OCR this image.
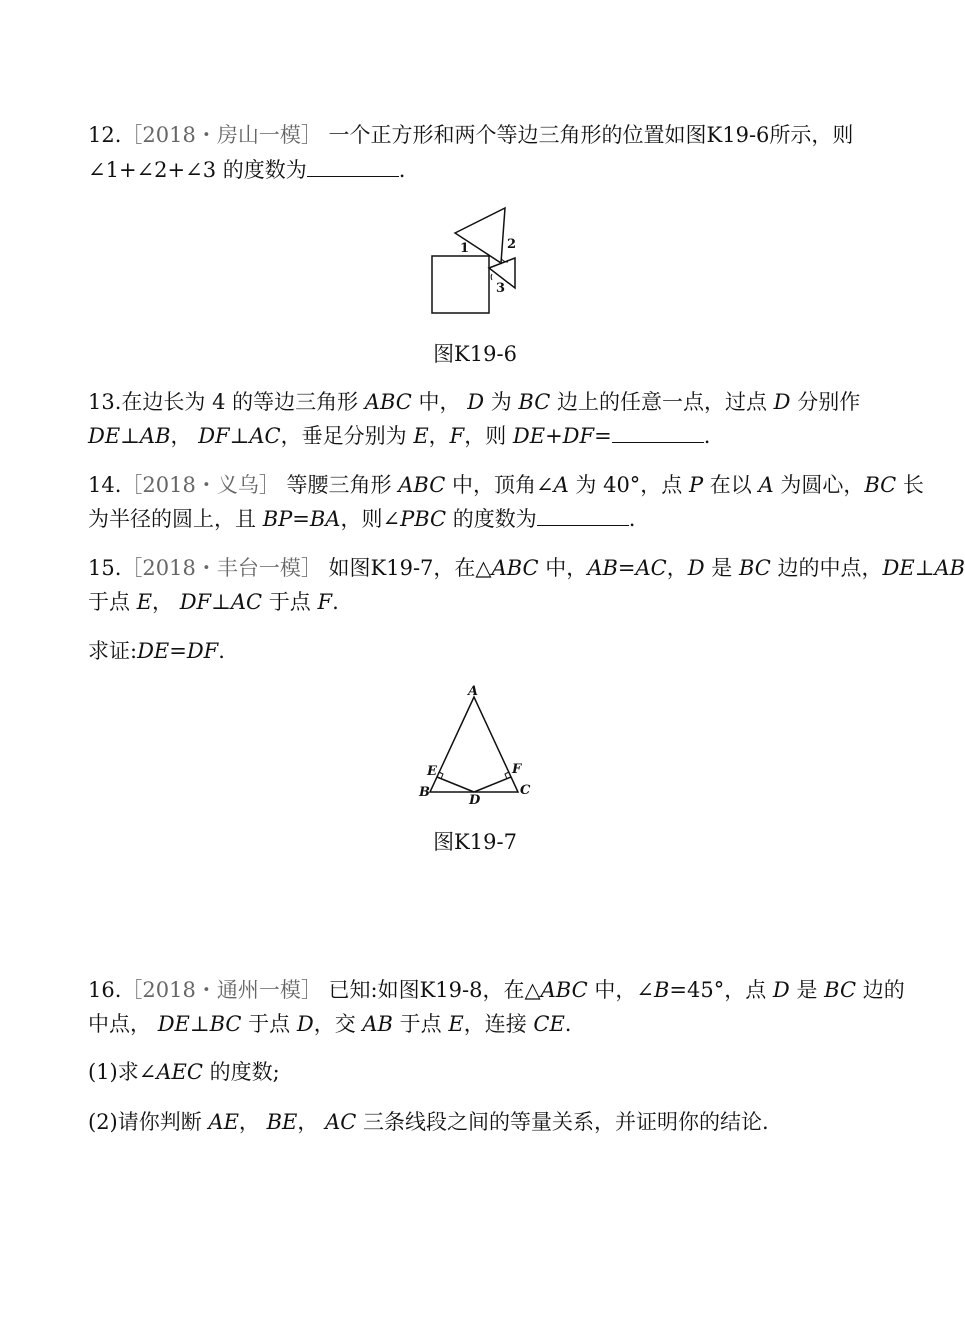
12.［2018・房山一模］ 一个正方形和两个等边三角形的位置如图K19-6所示，则
∠1+∠2+∠3 的度数为	.
1	2
3
图K19-6
13.在边长为 4 的等边三角形 ABC 中， D 为 BC 边上的任意一点，过点 D 分别作
DE⊥AB， DF⊥AC，垂足分别为 E，F，则 DE+DF=	.
14.［2018・义乌］ 等腰三角形 ABC 中，顶角∠A 为 40°，点 P 在以 A 为圆心，BC 长
为半径的圆上，且 BP=BA，则∠PBC 的度数为	.
15.［2018・丰台一模］ 如图K19-7，在△ABC 中，AB=AC，D 是 BC 边的中点，DE⊥AB
于点 E， DF⊥AC 于点 F.
求证:DE=DF.
A
B	C
D
E	F
图K19-7
16.［2018・通州一模］ 已知:如图K19-8，在△ABC 中，∠B=45°，点 D 是 BC 边的
中点， DE⊥BC 于点 D，交 AB 于点 E，连接 CE.
(1)求∠AEC 的度数;
(2)请你判断 AE， BE， AC 三条线段之间的等量关系，并证明你的结论.
